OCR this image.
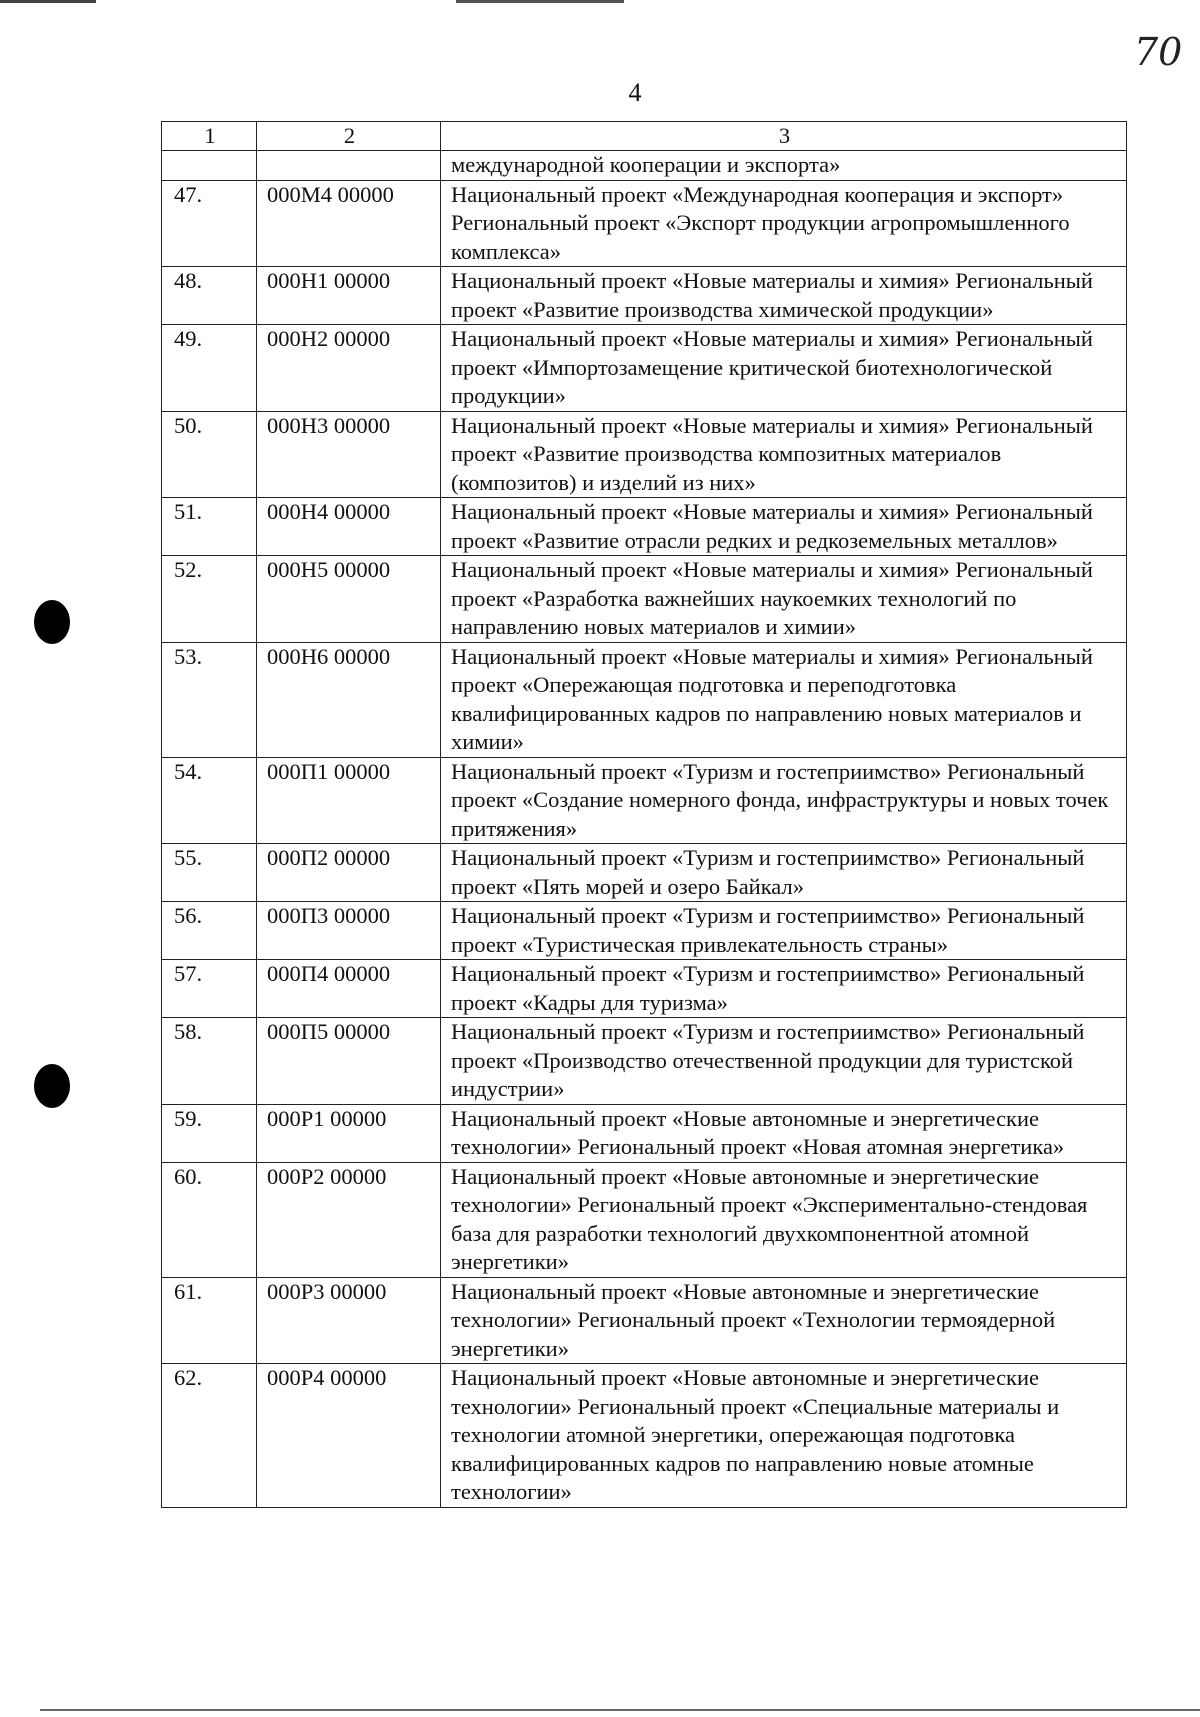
70
4
1	2	3
		международной кооперации и экспорта»
47.	000M4 00000	Национальный проект «Международная кооперация и экспорт» Региональный проект «Экспорт продукции агропромышленного комплекса»
48.	000H1 00000	Национальный проект «Новые материалы и химия» Региональный проект «Развитие производства химической продукции»
49.	000H2 00000	Национальный проект «Новые материалы и химия» Региональный проект «Импортозамещение критической биотехнологической продукции»
50.	000H3 00000	Национальный проект «Новые материалы и химия» Региональный проект «Развитие производства композитных материалов (композитов) и изделий из них»
51.	000H4 00000	Национальный проект «Новые материалы и химия» Региональный проект «Развитие отрасли редких и редкоземельных металлов»
52.	000H5 00000	Национальный проект «Новые материалы и химия» Региональный проект «Разработка важнейших наукоемких технологий по направлению новых материалов и химии»
53.	000H6 00000	Национальный проект «Новые материалы и химия» Региональный проект «Опережающая подготовка и переподготовка квалифицированных кадров по направлению новых материалов и химии»
54.	000П1 00000	Национальный проект «Туризм и гостеприимство» Региональный проект «Создание номерного фонда, инфраструктуры и новых точек притяжения»
55.	000П2 00000	Национальный проект «Туризм и гостеприимство» Региональный проект «Пять морей и озеро Байкал»
56.	000П3 00000	Национальный проект «Туризм и гостеприимство» Региональный проект «Туристическая привлекательность страны»
57.	000П4 00000	Национальный проект «Туризм и гостеприимство» Региональный проект «Кадры для туризма»
58.	000П5 00000	Национальный проект «Туризм и гостеприимство» Региональный проект «Производство отечественной продукции для туристской индустрии»
59.	000P1 00000	Национальный проект «Новые автономные и энергетические технологии» Региональный проект «Новая атомная энергетика»
60.	000P2 00000	Национальный проект «Новые автономные и энергетические технологии» Региональный проект «Экспериментально-стендовая база для разработки технологий двухкомпонентной атомной энергетики»
61.	000P3 00000	Национальный проект «Новые автономные и энергетические технологии» Региональный проект «Технологии термоядерной энергетики»
62.	000P4 00000	Национальный проект «Новые автономные и энергетические технологии» Региональный проект «Специальные материалы и технологии атомной энергетики, опережающая подготовка квалифицированных кадров по направлению новые атомные технологии»
